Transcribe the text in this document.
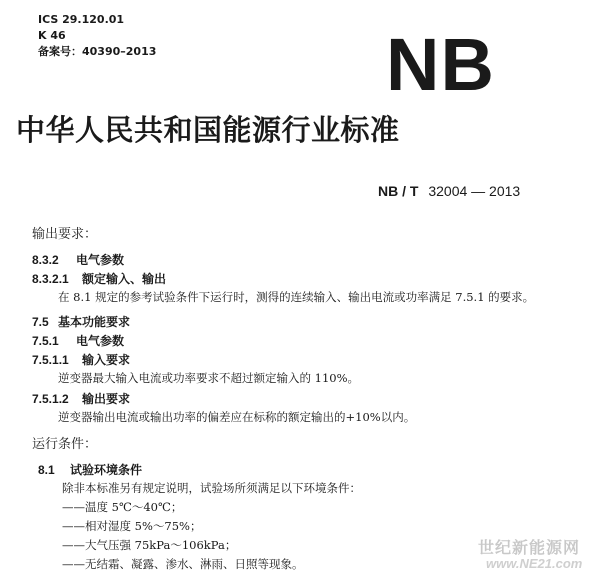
ICS 29.120.01
K 46
备案号：40390–2013	NB
中华人民共和国能源行业标准
NB / T 32004 — 2013
输出要求：
8.3.2 电气参数
8.3.2.1 额定输入、输出
在 8.1 规定的参考试验条件下运行时，测得的连续输入、输出电流或功率满足 7.5.1 的要求。
7.5 基本功能要求
7.5.1 电气参数
7.5.1.1 输入要求
逆变器最大输入电流或功率要求不超过额定输入的 110%。
7.5.1.2 输出要求
逆变器输出电流或输出功率的偏差应在标称的额定输出的+10%以内。
运行条件：
8.1 试验环境条件
除非本标准另有规定说明，试验场所须满足以下环境条件：
——温度 5℃～40℃；
——相对湿度 5%～75%；
——大气压强 75kPa～106kPa；
——无结霜、凝露、渗水、淋雨、日照等现象。
世纪新能源网
www.NE21.com
